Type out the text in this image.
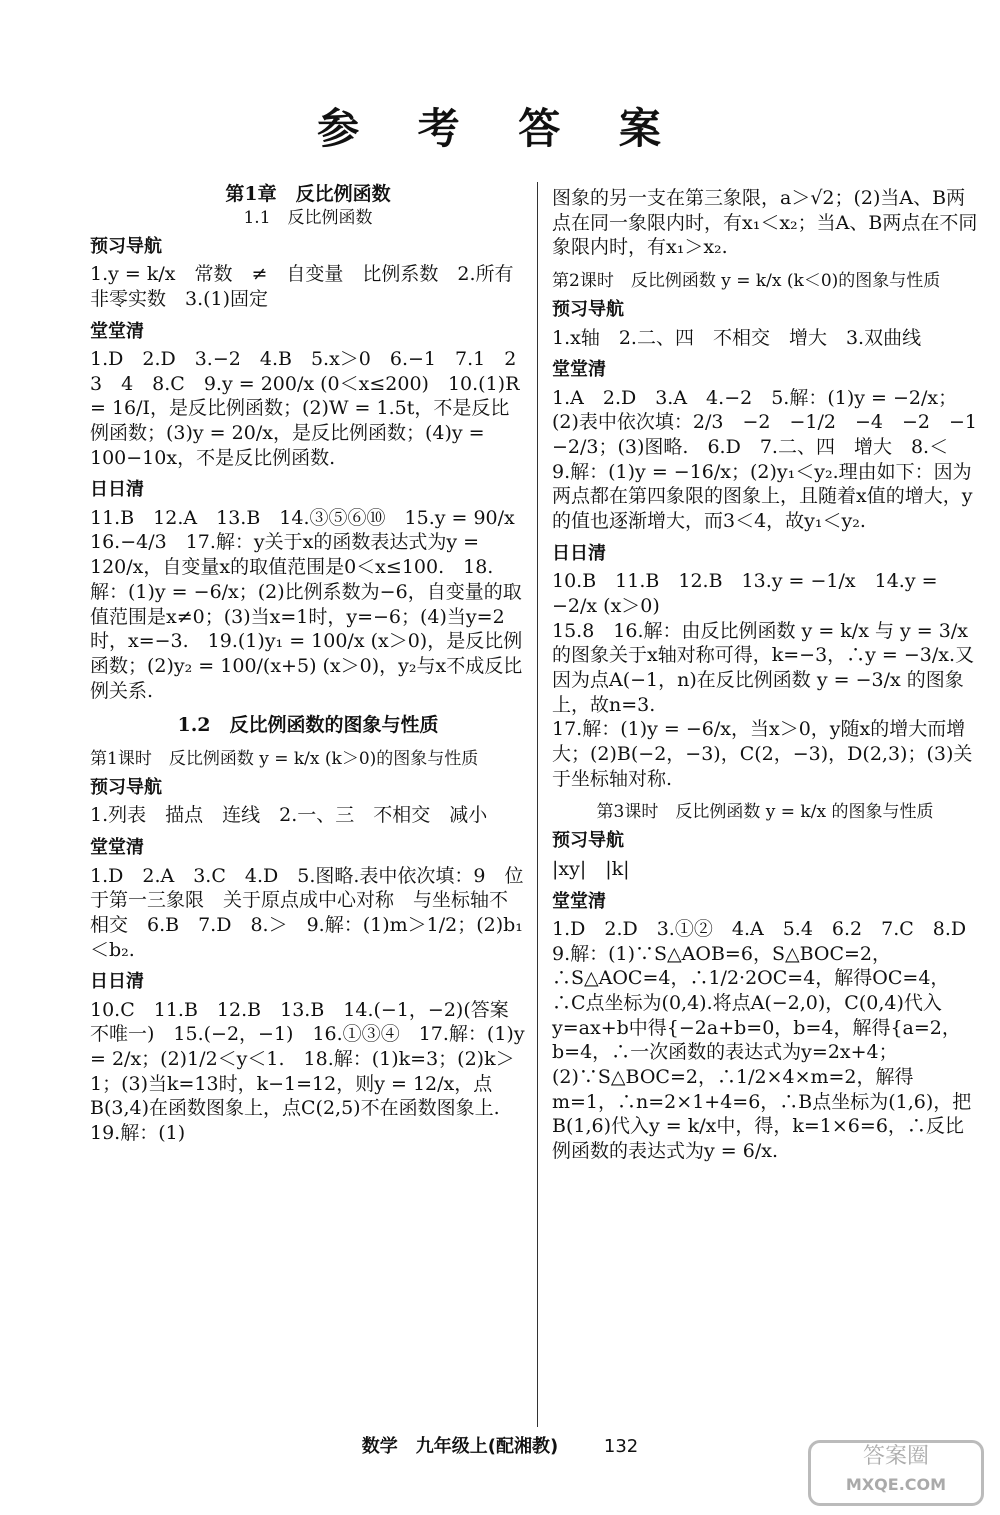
参 考 答 案
第1章　反比例函数
1.1　反比例函数
预习导航
1.y = k/x　常数　≠　自变量　比例系数　2.所有非零实数　3.(1)固定
堂堂清
1.D　2.D　3.−2　4.B　5.x＞0　6.−1　7.1　2　3　4　8.C　9.y = 200/x (0＜x≤200)　10.(1)R = 16/I，是反比例函数；(2)W = 1.5t，不是反比例函数；(3)y = 20/x，是反比例函数；(4)y = 100−10x，不是反比例函数.
日日清
11.B　12.A　13.B　14.③⑤⑥⑩　15.y = 90/x
16.−4/3　17.解：y关于x的函数表达式为y = 120/x，自变量x的取值范围是0＜x≤100.　18.解：(1)y = −6/x；(2)比例系数为−6，自变量的取值范围是x≠0；(3)当x=1时，y=−6；(4)当y=2时，x=−3.　19.(1)y₁ = 100/x (x＞0)，是反比例函数；(2)y₂ = 100/(x+5) (x＞0)，y₂与x不成反比例关系.
1.2　反比例函数的图象与性质
第1课时　反比例函数 y = k/x (k＞0)的图象与性质
预习导航
1.列表　描点　连线　2.一、三　不相交　减小
堂堂清
1.D　2.A　3.C　4.D　5.图略.表中依次填：9　位于第一三象限　关于原点成中心对称　与坐标轴不相交　6.B　7.D　8.＞　9.解：(1)m＞1/2；(2)b₁＜b₂.
日日清
10.C　11.B　12.B　13.B　14.(−1，−2)(答案不唯一)　15.(−2，−1)　16.①③④　17.解：(1)y = 2/x；(2)1/2＜y＜1.　18.解：(1)k=3；(2)k＞1；(3)当k=13时，k−1=12，则y = 12/x，点B(3,4)在函数图象上，点C(2,5)不在函数图象上.　19.解：(1)
图象的另一支在第三象限，a＞√2；(2)当A、B两点在同一象限内时，有x₁＜x₂；当A、B两点在不同象限内时，有x₁＞x₂.
第2课时　反比例函数 y = k/x (k＜0)的图象与性质
预习导航
1.x轴　2.二、四　不相交　增大　3.双曲线
堂堂清
1.A　2.D　3.A　4.−2　5.解：(1)y = −2/x；(2)表中依次填：2/3　−2　−1/2　−4　−2　−1　−2/3；(3)图略.　6.D　7.二、四　增大　8.＜　9.解：(1)y = −16/x；(2)y₁＜y₂.理由如下：因为两点都在第四象限的图象上，且随着x值的增大，y的值也逐渐增大，而3＜4，故y₁＜y₂.
日日清
10.B　11.B　12.B　13.y = −1/x　14.y = −2/x (x＞0)
15.8　16.解：由反比例函数 y = k/x 与 y = 3/x 的图象关于x轴对称可得，k=−3，∴y = −3/x.又因为点A(−1，n)在反比例函数 y = −3/x 的图象上，故n=3.
17.解：(1)y = −6/x，当x＞0，y随x的增大而增大；(2)B(−2，−3)，C(2，−3)，D(2,3)；(3)关于坐标轴对称.
第3课时　反比例函数 y = k/x 的图象与性质
预习导航
|xy|　|k|
堂堂清
1.D　2.D　3.①②　4.A　5.4　6.2　7.C　8.D
9.解：(1)∵S△AOB=6，S△BOC=2，∴S△AOC=4，∴1/2·2OC=4，解得OC=4，∴C点坐标为(0,4).将点A(−2,0)，C(0,4)代入y=ax+b中得{−2a+b=0，b=4，解得{a=2，b=4，∴一次函数的表达式为y=2x+4；(2)∵S△BOC=2，∴1/2×4×m=2，解得m=1，∴n=2×1+4=6，∴B点坐标为(1,6)，把B(1,6)代入y = k/x中，得，k=1×6=6，∴反比例函数的表达式为y = 6/x.
数学　九年级上(配湘教)	132	答案圈
MXQE.COM
